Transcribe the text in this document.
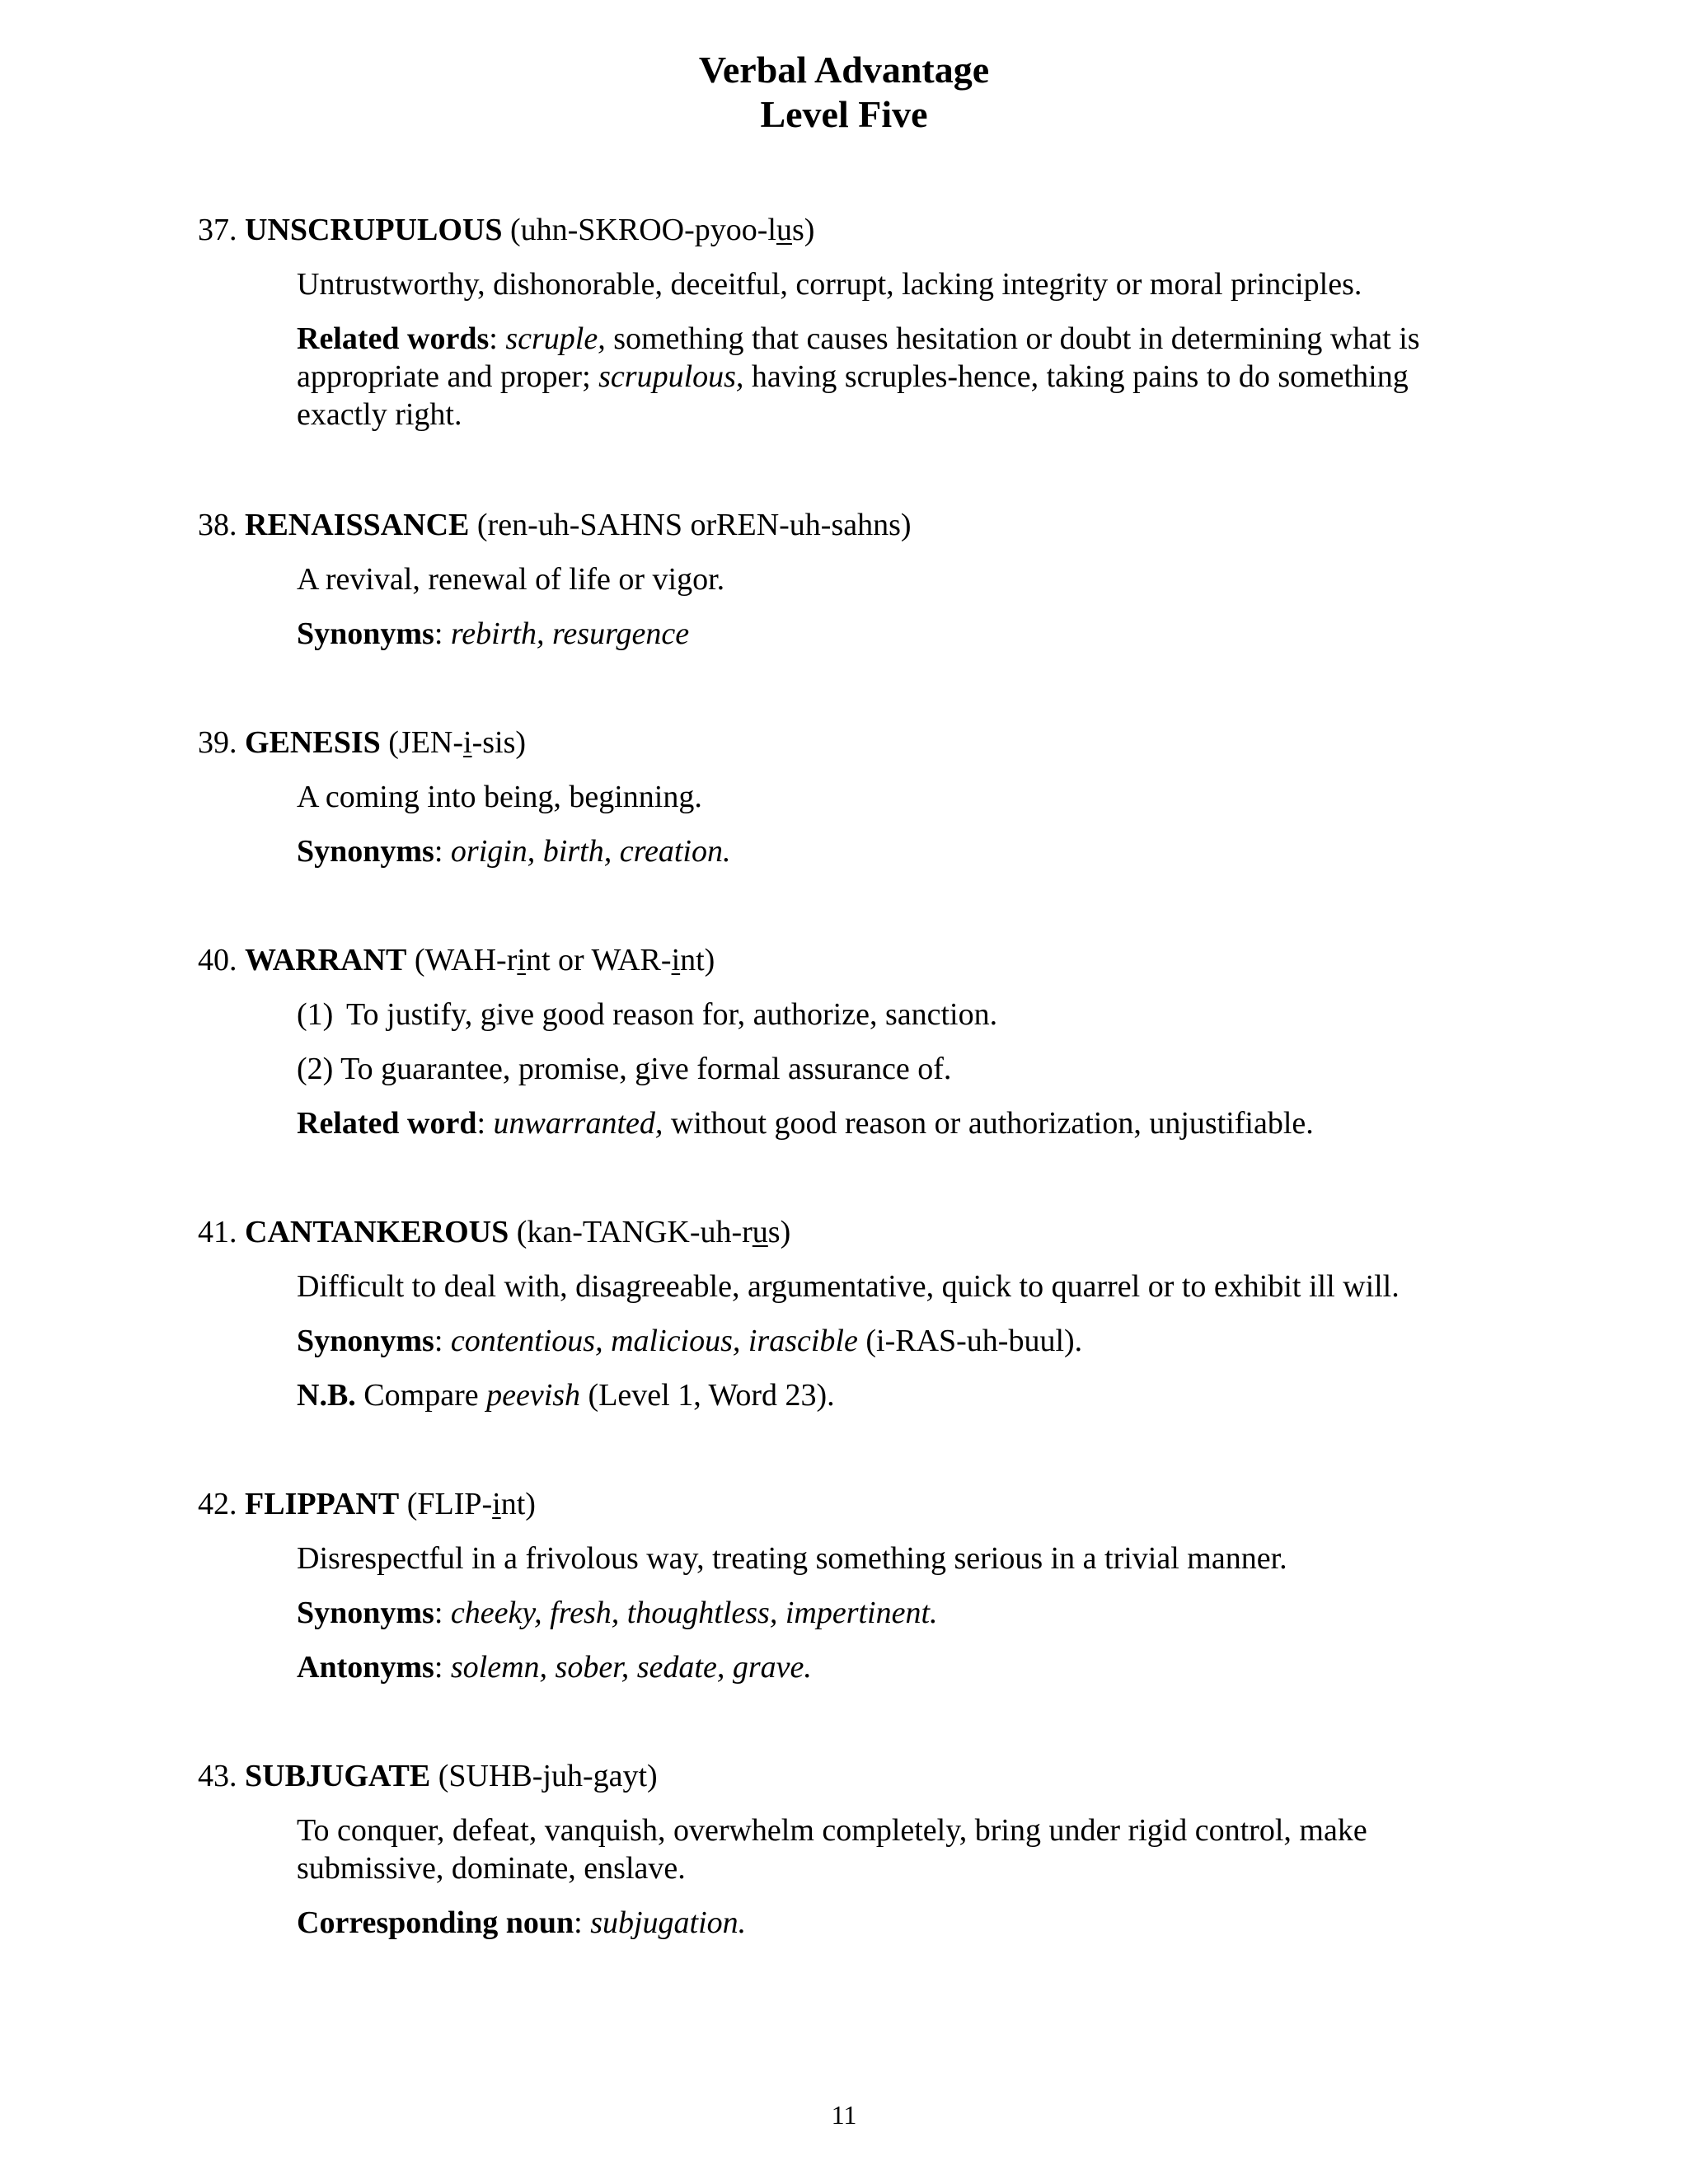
Verbal Advantage
Level Five

37. UNSCRUPULOUS (uhn-SKROO-pyoo-lus)

Untrustworthy, dishonorable, deceitful, corrupt, lacking integrity or moral principles.

Related words: scruple, something that causes hesitation or doubt in determining what is appropriate and proper; scrupulous, having scruples-hence, taking pains to do something exactly right.

38. RENAISSANCE (ren-uh-SAHNS orREN-uh-sahns)

A revival, renewal of life or vigor.

Synonyms: rebirth, resurgence

39. GENESIS (JEN-i-sis)

A coming into being, beginning.

Synonyms: origin, birth, creation.

40. WARRANT (WAH-rint or WAR-int)

(1) To justify, give good reason for, authorize, sanction.

(2) To guarantee, promise, give formal assurance of.

Related word: unwarranted, without good reason or authorization, unjustifiable.

41. CANTANKEROUS (kan-TANGK-uh-rus)

Difficult to deal with, disagreeable, argumentative, quick to quarrel or to exhibit ill will.

Synonyms: contentious, malicious, irascible (i-RAS-uh-buul).

N.B. Compare peevish (Level 1, Word 23).

42. FLIPPANT (FLIP-int)

Disrespectful in a frivolous way, treating something serious in a trivial manner.

Synonyms: cheeky, fresh, thoughtless, impertinent.

Antonyms: solemn, sober, sedate, grave.

43. SUBJUGATE (SUHB-juh-gayt)

To conquer, defeat, vanquish, overwhelm completely, bring under rigid control, make submissive, dominate, enslave.

Corresponding noun: subjugation.

11
